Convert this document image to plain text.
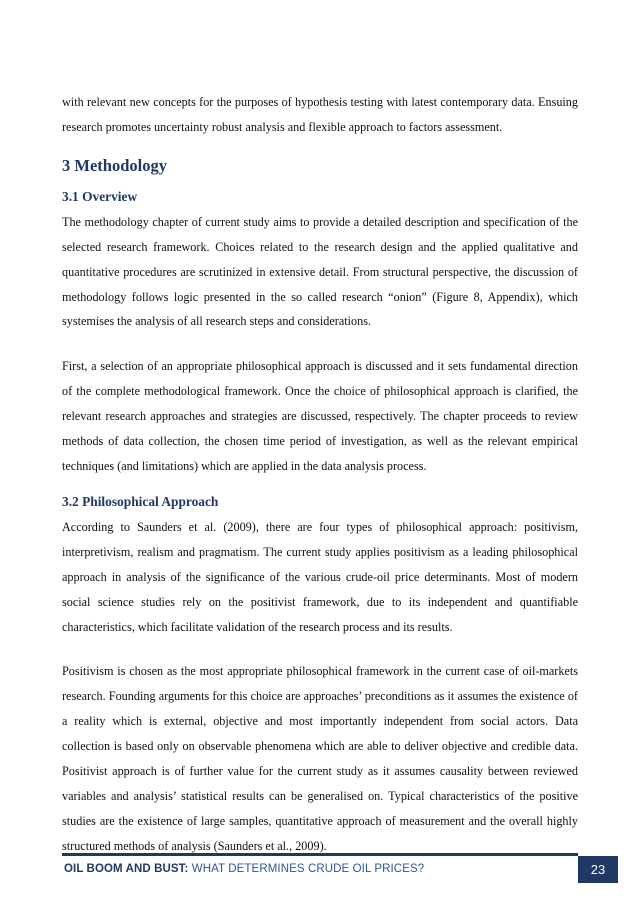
with relevant new concepts for the purposes of hypothesis testing with latest contemporary data. Ensuing research promotes uncertainty robust analysis and flexible approach to factors assessment.

3 Methodology
3.1 Overview

The methodology chapter of current study aims to provide a detailed description and specification of the selected research framework. Choices related to the research design and the applied qualitative and quantitative procedures are scrutinized in extensive detail. From structural perspective, the discussion of methodology follows logic presented in the so called research “onion” (Figure 8, Appendix), which systemises the analysis of all research steps and considerations.

First, a selection of an appropriate philosophical approach is discussed and it sets fundamental direction of the complete methodological framework. Once the choice of philosophical approach is clarified, the relevant research approaches and strategies are discussed, respectively. The chapter proceeds to review methods of data collection, the chosen time period of investigation, as well as the relevant empirical techniques (and limitations) which are applied in the data analysis process.

3.2 Philosophical Approach

According to Saunders et al. (2009), there are four types of philosophical approach: positivism, interpretivism, realism and pragmatism. The current study applies positivism as a leading philosophical approach in analysis of the significance of the various crude-oil price determinants. Most of modern social science studies rely on the positivist framework, due to its independent and quantifiable characteristics, which facilitate validation of the research process and its results.

Positivism is chosen as the most appropriate philosophical framework in the current case of oil-markets research. Founding arguments for this choice are approaches’ preconditions as it assumes the existence of a reality which is external, objective and most importantly independent from social actors. Data collection is based only on observable phenomena which are able to deliver objective and credible data. Positivist approach is of further value for the current study as it assumes causality between reviewed variables and analysis’ statistical results can be generalised on. Typical characteristics of the positive studies are the existence of large samples, quantitative approach of measurement and the overall highly structured methods of analysis (Saunders et al., 2009).

OIL BOOM AND BUST: WHAT DETERMINES CRUDE OIL PRICES?	23
